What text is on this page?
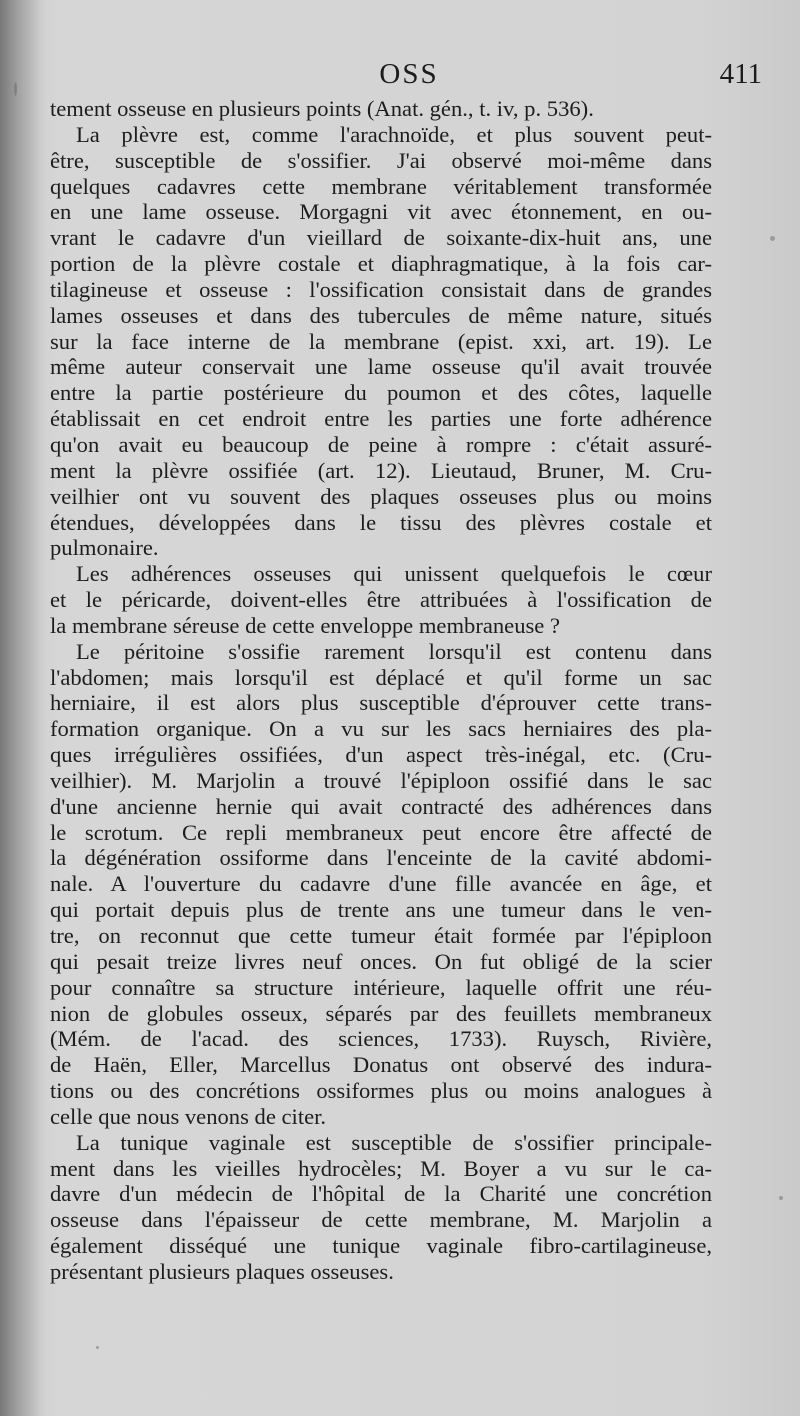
OSS	411
tement osseuse en plusieurs points (Anat. gén., t. iv, p. 536).
La plèvre est, comme l'arachnoïde, et plus souvent peut-
être, susceptible de s'ossifier. J'ai observé moi-même dans
quelques cadavres cette membrane véritablement transformée
en une lame osseuse. Morgagni vit avec étonnement, en ou-
vrant le cadavre d'un vieillard de soixante-dix-huit ans, une
portion de la plèvre costale et diaphragmatique, à la fois car-
tilagineuse et osseuse : l'ossification consistait dans de grandes
lames osseuses et dans des tubercules de même nature, situés
sur la face interne de la membrane (epist. xxi, art. 19). Le
même auteur conservait une lame osseuse qu'il avait trouvée
entre la partie postérieure du poumon et des côtes, laquelle
établissait en cet endroit entre les parties une forte adhérence
qu'on avait eu beaucoup de peine à rompre : c'était assuré-
ment la plèvre ossifiée (art. 12). Lieutaud, Bruner, M. Cru-
veilhier ont vu souvent des plaques osseuses plus ou moins
étendues, développées dans le tissu des plèvres costale et
pulmonaire.
Les adhérences osseuses qui unissent quelquefois le cœur
et le péricarde, doivent-elles être attribuées à l'ossification de
la membrane séreuse de cette enveloppe membraneuse ?
Le péritoine s'ossifie rarement lorsqu'il est contenu dans
l'abdomen; mais lorsqu'il est déplacé et qu'il forme un sac
herniaire, il est alors plus susceptible d'éprouver cette trans-
formation organique. On a vu sur les sacs herniaires des pla-
ques irrégulières ossifiées, d'un aspect très-inégal, etc. (Cru-
veilhier). M. Marjolin a trouvé l'épiploon ossifié dans le sac
d'une ancienne hernie qui avait contracté des adhérences dans
le scrotum. Ce repli membraneux peut encore être affecté de
la dégénération ossiforme dans l'enceinte de la cavité abdomi-
nale. A l'ouverture du cadavre d'une fille avancée en âge, et
qui portait depuis plus de trente ans une tumeur dans le ven-
tre, on reconnut que cette tumeur était formée par l'épiploon
qui pesait treize livres neuf onces. On fut obligé de la scier
pour connaître sa structure intérieure, laquelle offrit une réu-
nion de globules osseux, séparés par des feuillets membraneux
(Mém. de l'acad. des sciences, 1733). Ruysch, Rivière,
de Haën, Eller, Marcellus Donatus ont observé des indura-
tions ou des concrétions ossiformes plus ou moins analogues à
celle que nous venons de citer.
La tunique vaginale est susceptible de s'ossifier principale-
ment dans les vieilles hydrocèles; M. Boyer a vu sur le ca-
davre d'un médecin de l'hôpital de la Charité une concrétion
osseuse dans l'épaisseur de cette membrane, M. Marjolin a
également disséqué une tunique vaginale fibro-cartilagineuse,
présentant plusieurs plaques osseuses.
